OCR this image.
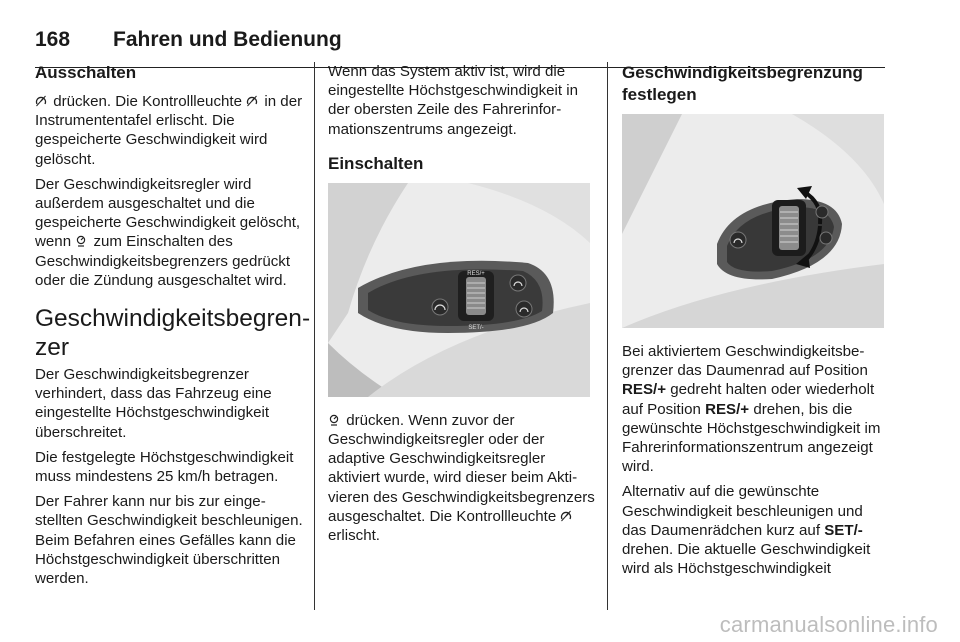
168 Fahren und Bedienung
Ausschalten

drücken. Die Kontrollleuchte
in der Instrumententafel erlischt. Die gespeicherte Geschwindigkeit wird gelöscht.

Der Geschwindigkeitsregler wird außerdem ausgeschaltet und die gespeicherte Geschwindigkeit gelöscht, wenn
zum Einschalten des Geschwindigkeitsbegrenzers gedrückt oder die Zündung ausgeschaltet wird.

Geschwindigkeitsbegrenzer

Der Geschwindigkeitsbegrenzer verhindert, dass das Fahrzeug eine eingestellte Höchstgeschwindigkeit überschreitet.

Die festgelegte Höchstgeschwindigkeit muss mindestens 25 km/h betragen.

Der Fahrer kann nur bis zur eingestellten Geschwindigkeit beschleunigen. Beim Befahren eines Gefälles kann die Höchstgeschwindigkeit überschritten werden.

Wenn das System aktiv ist, wird die eingestellte Höchstgeschwindigkeit in der obersten Zeile des Fahrerinformationszentrums angezeigt.

Einschalten
RES/+
SET/-

drücken. Wenn zuvor der Geschwindigkeitsregler oder der adaptive Geschwindigkeitsregler aktiviert wurde, wird dieser beim Aktivieren des Geschwindigkeitsbegrenzers ausgeschaltet. Die Kontrollleuchte
erlischt.

Geschwindigkeitsbegrenzung festlegen

Bei aktiviertem Geschwindigkeitsbegrenzer das Daumenrad auf Position RES/+ gedreht halten oder wiederholt auf Position RES/+ drehen, bis die gewünschte Höchstgeschwindigkeit im Fahrerinformationszentrum angezeigt wird.

Alternativ auf die gewünschte Geschwindigkeit beschleunigen und das Daumenrädchen kurz auf SET/- drehen. Die aktuelle Geschwindigkeit wird als Höchstgeschwindigkeit

carmanualsonline.info
